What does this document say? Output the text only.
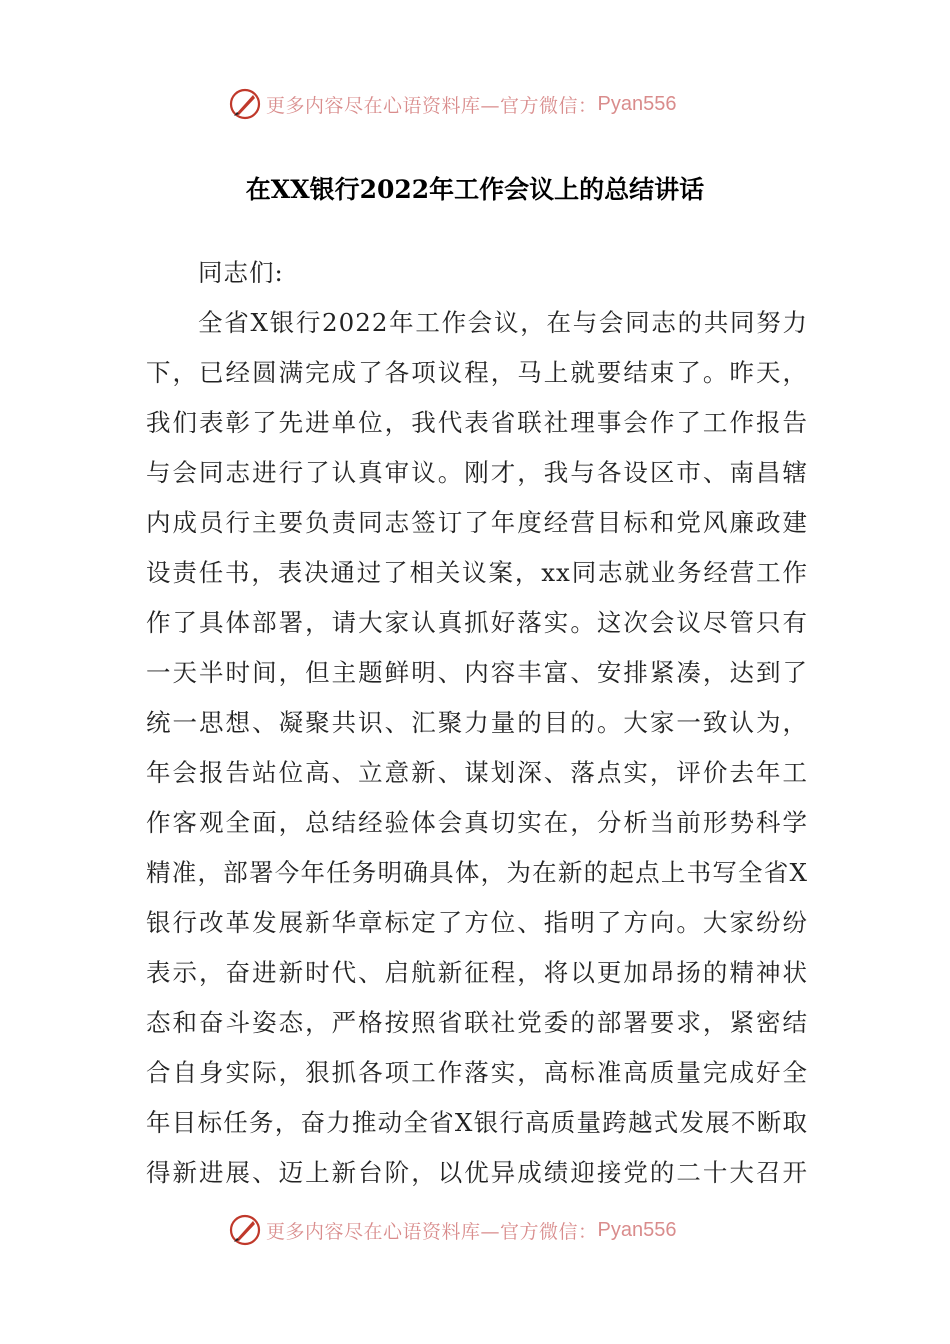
更多内容尽在心语资料库—官方微信： Pyan556
在XX银行2022年工作会议上的总结讲话
同志们:
全省X银行2022年工作会议，在与会同志的共同努力
下，已经圆满完成了各项议程，马上就要结束了。昨天，
我们表彰了先进单位，我代表省联社理事会作了工作报告
与会同志进行了认真审议。刚才，我与各设区市、南昌辖
内成员行主要负责同志签订了年度经营目标和党风廉政建
设责任书，表决通过了相关议案，xx同志就业务经营工作
作了具体部署，请大家认真抓好落实。这次会议尽管只有
一天半时间，但主题鲜明、内容丰富、安排紧凑，达到了
统一思想、凝聚共识、汇聚力量的目的。大家一致认为，
年会报告站位高、立意新、谋划深、落点实，评价去年工
作客观全面，总结经验体会真切实在，分析当前形势科学
精准，部署今年任务明确具体，为在新的起点上书写全省X
银行改革发展新华章标定了方位、指明了方向。大家纷纷
表示，奋进新时代、启航新征程，将以更加昂扬的精神状
态和奋斗姿态，严格按照省联社党委的部署要求，紧密结
合自身实际，狠抓各项工作落实，高标准高质量完成好全
年目标任务，奋力推动全省X银行高质量跨越式发展不断取
得新进展、迈上新台阶，以优异成绩迎接党的二十大召开
更多内容尽在心语资料库—官方微信： Pyan556
